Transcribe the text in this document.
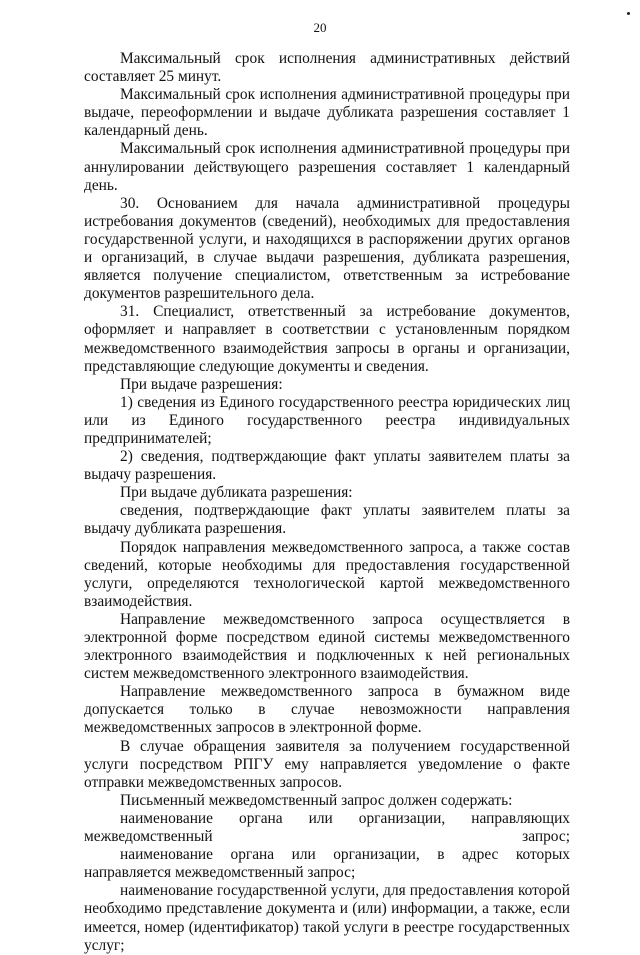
20

Максимальный срок исполнения административных действий составляет 25 минут.

Максимальный срок исполнения административной процедуры при выдаче, переоформлении и выдаче дубликата разрешения составляет 1 календарный день.

Максимальный срок исполнения административной процедуры при аннулировании действующего разрешения составляет 1 календарный день.

30. Основанием для начала административной процедуры истребования документов (сведений), необходимых для предоставления государственной услуги, и находящихся в распоряжении других органов и организаций, в случае выдачи разрешения, дубликата разрешения, является получение специалистом, ответственным за истребование документов разрешительного дела.

31. Специалист, ответственный за истребование документов, оформляет и направляет в соответствии с установленным порядком межведомственного взаимодействия запросы в органы и организации, представляющие следующие документы и сведения.

При выдаче разрешения:

1) сведения из Единого государственного реестра юридических лиц или из Единого государственного реестра индивидуальных предпринимателей;

2) сведения, подтверждающие факт уплаты заявителем платы за выдачу разрешения.

При выдаче дубликата разрешения:

сведения, подтверждающие факт уплаты заявителем платы за выдачу дубликата разрешения.

Порядок направления межведомственного запроса, а также состав сведений, которые необходимы для предоставления государственной услуги, определяются технологической картой межведомственного взаимодействия.

Направление межведомственного запроса осуществляется в электронной форме посредством единой системы межведомственного электронного взаимодействия и подключенных к ней региональных систем межведомственного электронного взаимодействия.

Направление межведомственного запроса в бумажном виде допускается только в случае невозможности направления межведомственных запросов в электронной форме.

В случае обращения заявителя за получением государственной услуги посредством РПГУ ему направляется уведомление о факте отправки межведомственных запросов.

Письменный межведомственный запрос должен содержать:

наименование органа или организации, направляющих межведомственный запрос;

наименование органа или организации, в адрес которых направляется межведомственный запрос;

наименование государственной услуги, для предоставления которой необходимо представление документа и (или) информации, а также, если имеется, номер (идентификатор) такой услуги в реестре государственных услуг;
